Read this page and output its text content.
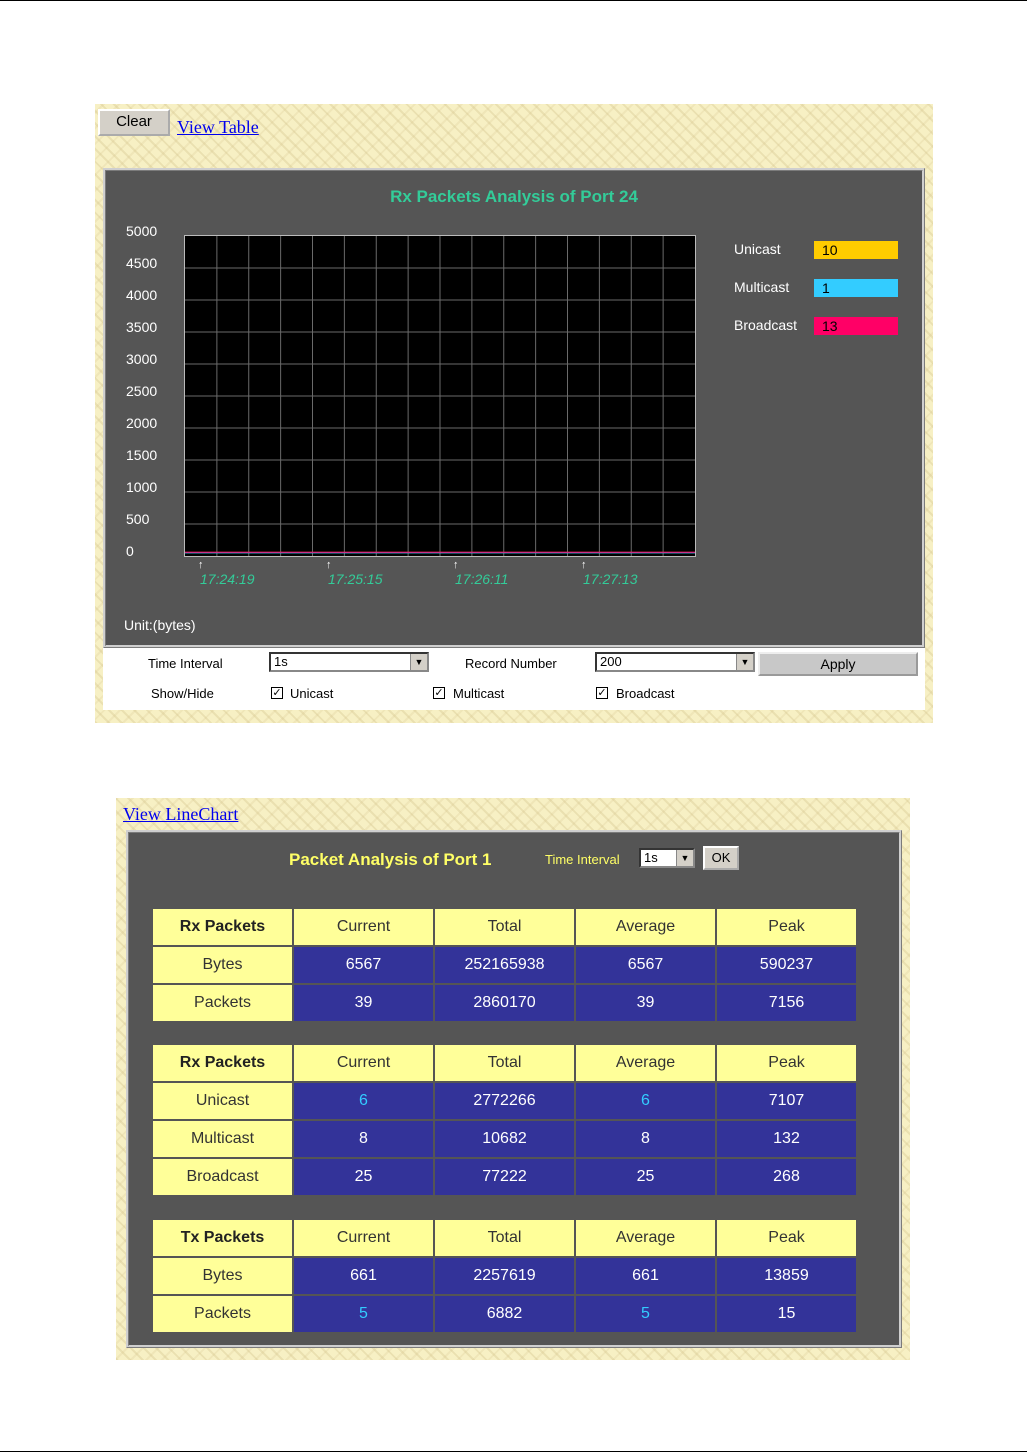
Clear	View Table
Rx Packets Analysis of Port 24
5000
4500
4000
3500
3000
2500
2000
1500
1000
500
0
↑	↑	↑	↑
17:24:19	17:25:15	17:26:11	17:27:13
Unit:(bytes)
Unicast	10
Multicast	1
Broadcast	13
Time Interval	1s	▼	Record Number	200	▼	Apply
Show/Hide	✓ Unicast	✓ Multicast	✓ Broadcast
View LineChart
Packet Analysis of Port 1	Time Interval	1s	▼	OK
Rx Packets	Current	Total	Average	Peak
Bytes	6567	252165938	6567	590237
Packets	39	2860170	39	7156
Rx Packets	Current	Total	Average	Peak
Unicast	6	2772266	6	7107
Multicast	8	10682	8	132
Broadcast	25	77222	25	268
Tx Packets	Current	Total	Average	Peak
Bytes	661	2257619	661	13859
Packets	5	6882	5	15
